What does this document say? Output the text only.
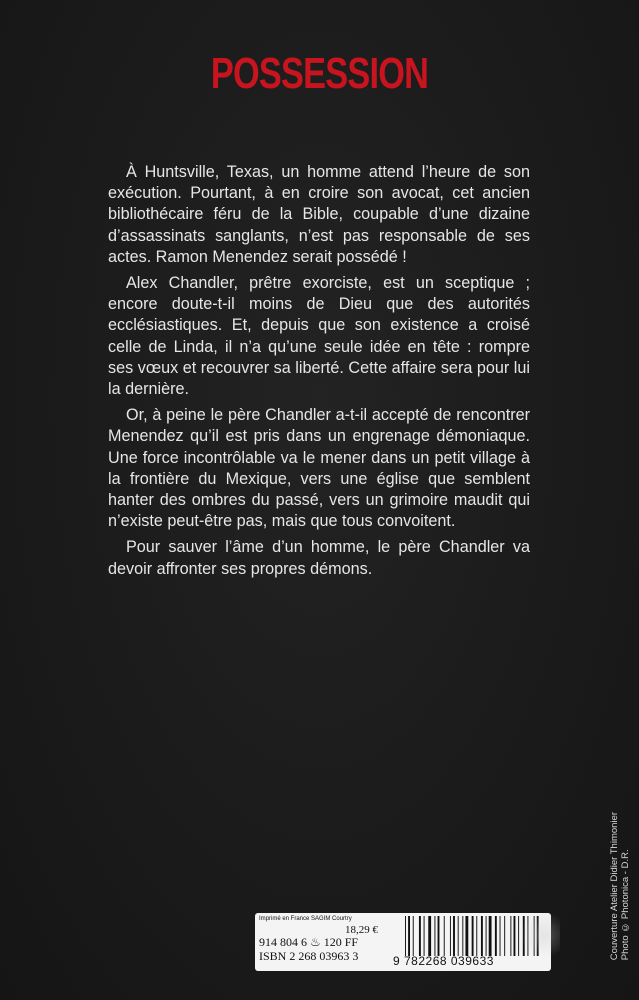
POSSESSION

À Huntsville, Texas, un homme attend l’heure de son exécution. Pourtant, à en croire son avocat, cet ancien bibliothécaire féru de la Bible, coupable d’une dizaine d’assassinats sanglants, n’est pas responsable de ses actes. Ramon Menendez serait possédé !

Alex Chandler, prêtre exorciste, est un sceptique ; encore doute-t-il moins de Dieu que des autorités ecclésiastiques. Et, depuis que son existence a croisé celle de Linda, il n’a qu’une seule idée en tête : rompre ses vœux et recouvrer sa liberté. Cette affaire sera pour lui la dernière.

Or, à peine le père Chandler a-t-il accepté de rencontrer Menendez qu’il est pris dans un engrenage démoniaque. Une force incontrôlable va le mener dans un petit village à la frontière du Mexique, vers une église que semblent hanter des ombres du passé, vers un grimoire maudit qui n’existe peut-être pas, mais que tous convoitent.

Pour sauver l’âme d’un homme, le père Chandler va devoir affronter ses propres démons.

Couverture Atelier Didier Thimonier Photo © Photonica - D.R.
Imprimé en France SAGIM Courtry
18,29 €
914 804 6 ♨ 120 FF
ISBN 2 268 03963 3	9 782268 039633
